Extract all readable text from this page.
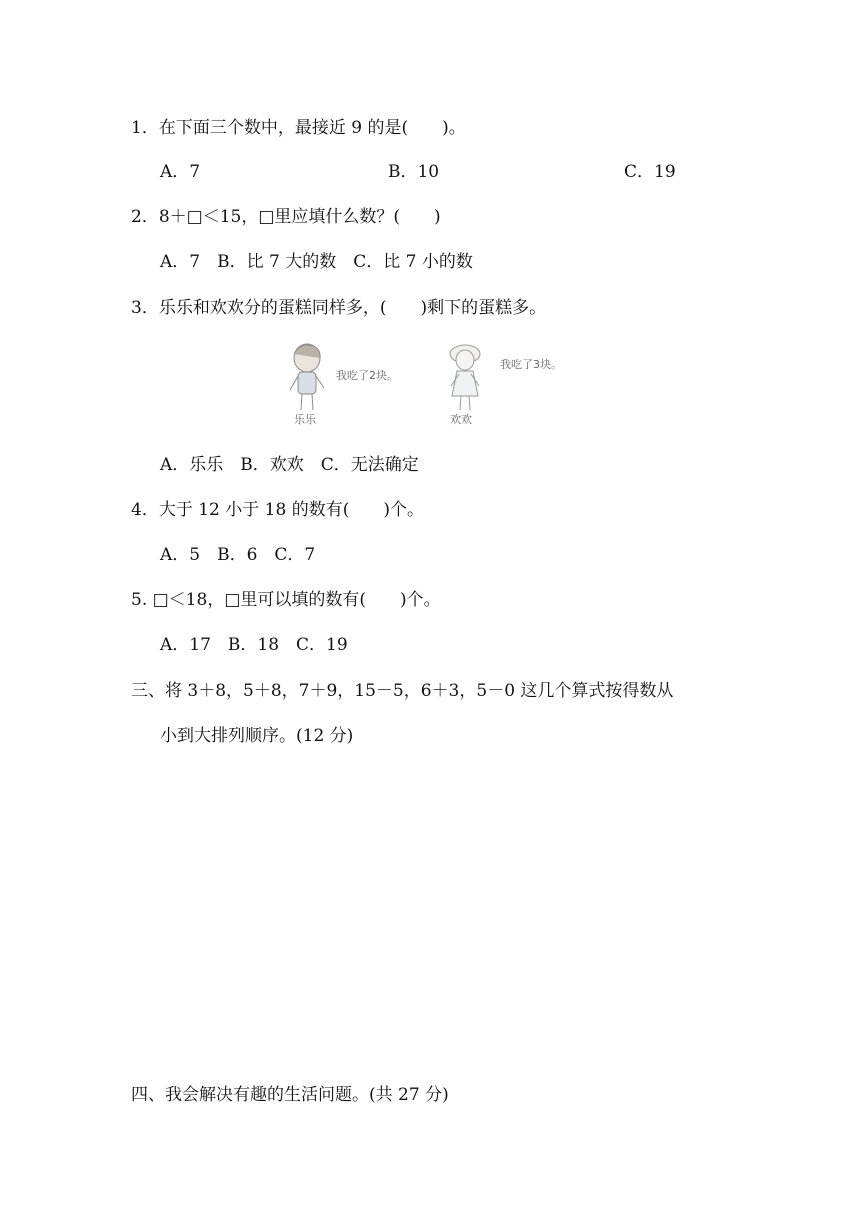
1．在下面三个数中，最接近 9 的是(　　)。
A．7	B．10	C．19
2．8＋□＜15，□里应填什么数？(　　)
A．7　B．比 7 大的数　C．比 7 小的数
3．乐乐和欢欢分的蛋糕同样多，(　　)剩下的蛋糕多。
乐乐
我吃了2块。
欢欢
我吃了3块。
A．乐乐　B．欢欢　C．无法确定
4．大于 12 小于 18 的数有(　　)个。
A．5　B．6　C．7
5. □＜18，□里可以填的数有(　　)个。
A．17　B．18　C．19
三、将 3＋8，5＋8，7＋9，15－5，6＋3，5－0 这几个算式按得数从
小到大排列顺序。(12 分)
四、我会解决有趣的生活问题。(共 27 分)
